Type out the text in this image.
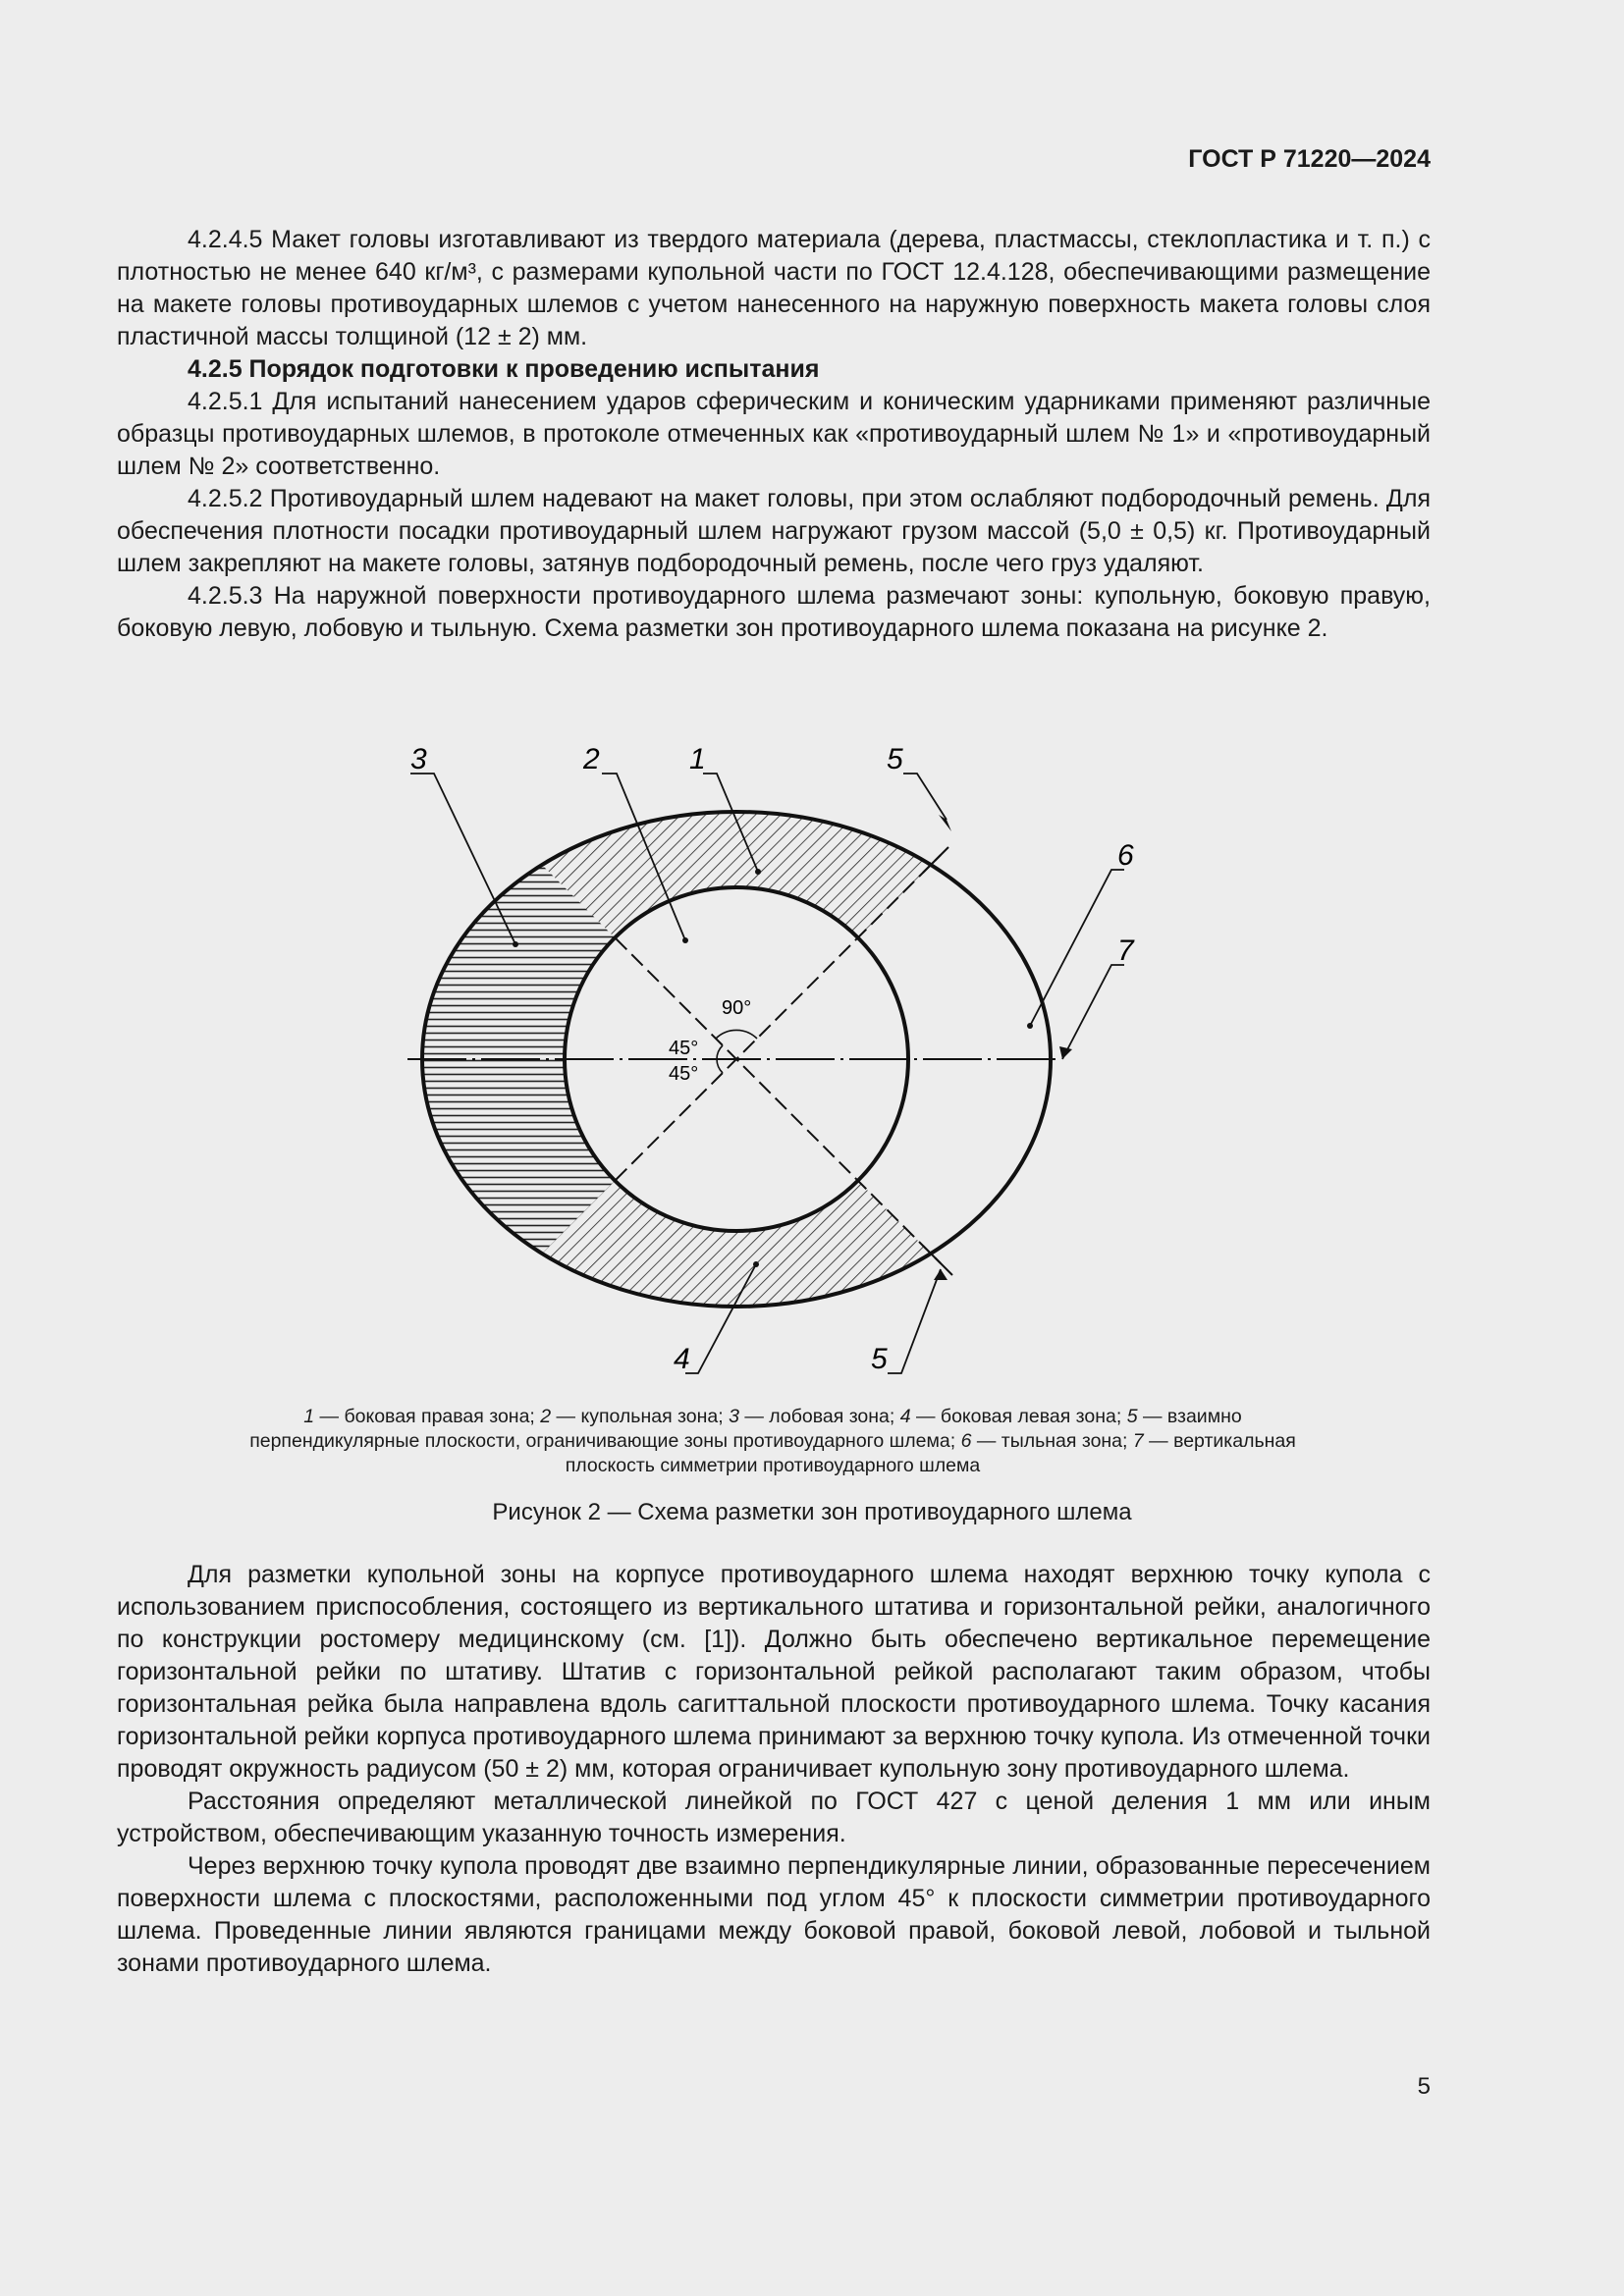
ГОСТ Р 71220—2024

4.2.4.5 Макет головы изготавливают из твердого материала (дерева, пластмассы, стеклопластика и т. п.) с плотностью не менее 640 кг/м³, с размерами купольной части по ГОСТ 12.4.128, обеспечивающими размещение на макете головы противоударных шлемов с учетом нанесенного на наружную поверхность макета головы слоя пластичной массы толщиной (12 ± 2) мм.

4.2.5 Порядок подготовки к проведению испытания

4.2.5.1 Для испытаний нанесением ударов сферическим и коническим ударниками применяют различные образцы противоударных шлемов, в протоколе отмеченных как «противоударный шлем № 1» и «противоударный шлем № 2» соответственно.

4.2.5.2 Противоударный шлем надевают на макет головы, при этом ослабляют подбородочный ремень. Для обеспечения плотности посадки противоударный шлем нагружают грузом массой (5,0 ± 0,5) кг. Противоударный шлем закрепляют на макете головы, затянув подбородочный ремень, после чего груз удаляют.

4.2.5.3 На наружной поверхности противоударного шлема размечают зоны: купольную, боковую правую, боковую левую, лобовую и тыльную. Схема разметки зон противоударного шлема показана на рисунке 2.

90°
45°
45°
3	2	1	5
6
7
4	5
1 — боковая правая зона; 2 — купольная зона; 3 — лобовая зона; 4 — боковая левая зона; 5 — взаимно
перпендикулярные плоскости, ограничивающие зоны противоударного шлема; 6 — тыльная зона; 7 — вертикальная
плоскость симметрии противоударного шлема
Рисунок 2 — Схема разметки зон противоударного шлема

Для разметки купольной зоны на корпусе противоударного шлема находят верхнюю точку купола с использованием приспособления, состоящего из вертикального штатива и горизонтальной рейки, аналогичного по конструкции ростомеру медицинскому (см. [1]). Должно быть обеспечено вертикальное перемещение горизонтальной рейки по штативу. Штатив с горизонтальной рейкой располагают таким образом, чтобы горизонтальная рейка была направлена вдоль сагиттальной плоскости противоударного шлема. Точку касания горизонтальной рейки корпуса противоударного шлема принимают за верхнюю точку купола. Из отмеченной точки проводят окружность радиусом (50 ± 2) мм, которая ограничивает купольную зону противоударного шлема.

Расстояния определяют металлической линейкой по ГОСТ 427 с ценой деления 1 мм или иным устройством, обеспечивающим указанную точность измерения.

Через верхнюю точку купола проводят две взаимно перпендикулярные линии, образованные пересечением поверхности шлема с плоскостями, расположенными под углом 45° к плоскости симметрии противоударного шлема. Проведенные линии являются границами между боковой правой, боковой левой, лобовой и тыльной зонами противоударного шлема.

5
